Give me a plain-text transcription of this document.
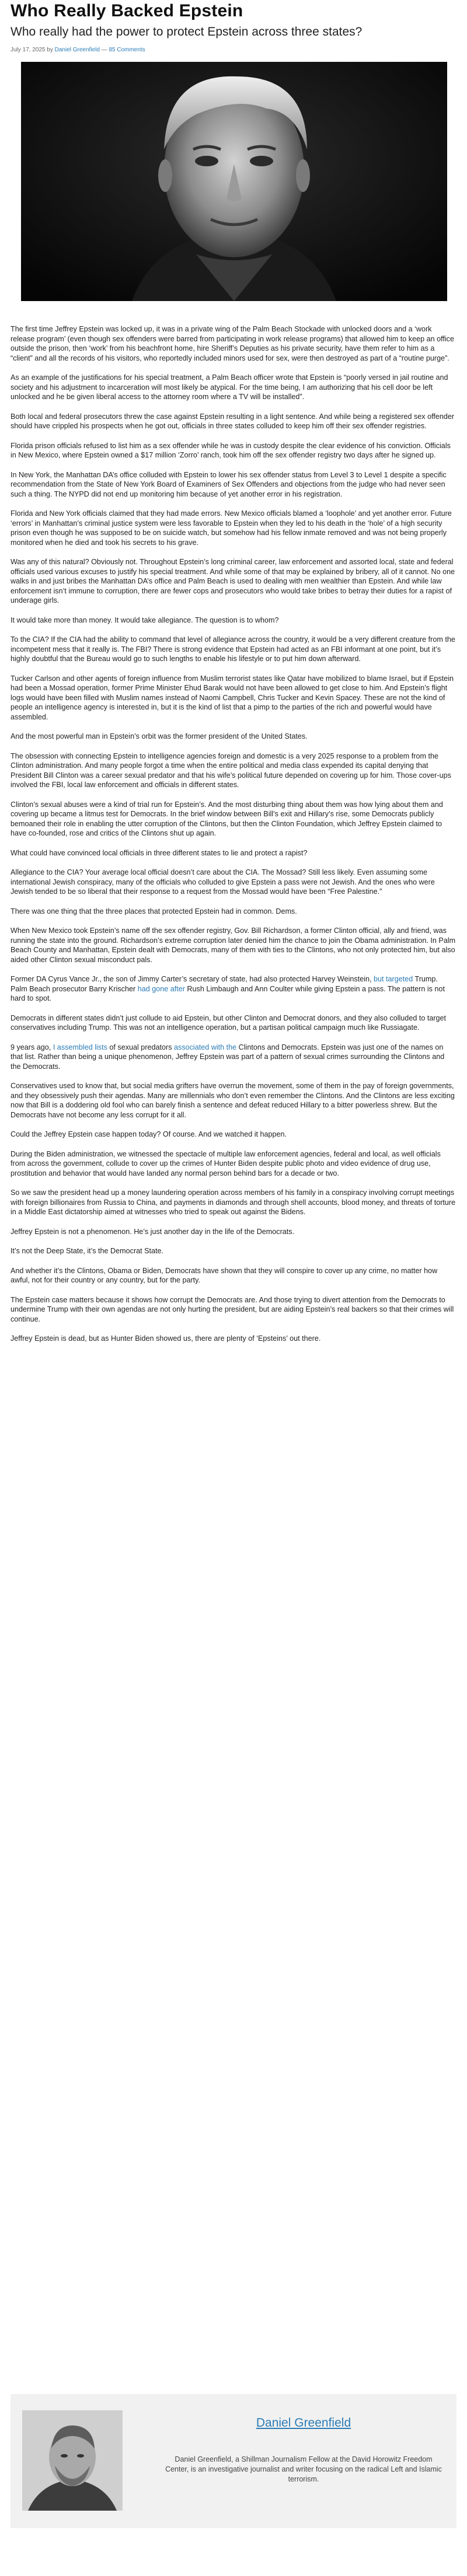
Who Really Backed Epstein
Who really had the power to protect Epstein across three states?
July 17, 2025 by Daniel Greenfield — 85 Comments

The first time Jeffrey Epstein was locked up, it was in a private wing of the Palm Beach Stockade with unlocked doors and a ‘work release program’ (even though sex offenders were barred from participating in work release programs) that allowed him to keep an office outside the prison, then ‘work’ from his beachfront home, hire Sheriff’s Deputies as his private security, have them refer to him as a “client” and all the records of his visitors, who reportedly included minors used for sex, were then destroyed as part of a “routine purge”.

As an example of the justifications for his special treatment, a Palm Beach officer wrote that Epstein is “poorly versed in jail routine and society and his adjustment to incarceration will most likely be atypical. For the time being, I am authorizing that his cell door be left unlocked and he be given liberal access to the attorney room where a TV will be installed”.

Both local and federal prosecutors threw the case against Epstein resulting in a light sentence. And while being a registered sex offender should have crippled his prospects when he got out, officials in three states colluded to keep him off their sex offender registries.

Florida prison officials refused to list him as a sex offender while he was in custody despite the clear evidence of his conviction. Officials in New Mexico, where Epstein owned a $17 million ‘Zorro’ ranch, took him off the sex offender registry two days after he signed up.

In New York, the Manhattan DA’s office colluded with Epstein to lower his sex offender status from Level 3 to Level 1 despite a specific recommendation from the State of New York Board of Examiners of Sex Offenders and objections from the judge who had never seen such a thing. The NYPD did not end up monitoring him because of yet another error in his registration.

Florida and New York officials claimed that they had made errors. New Mexico officials blamed a ‘loophole’ and yet another error. Future ‘errors’ in Manhattan’s criminal justice system were less favorable to Epstein when they led to his death in the ‘hole’ of a high security prison even though he was supposed to be on suicide watch, but somehow had his fellow inmate removed and was not being properly monitored when he died and took his secrets to his grave.

Was any of this natural? Obviously not. Throughout Epstein’s long criminal career, law enforcement and assorted local, state and federal officials used various excuses to justify his special treatment. And while some of that may be explained by bribery, all of it cannot. No one walks in and just bribes the Manhattan DA’s office and Palm Beach is used to dealing with men wealthier than Epstein. And while law enforcement isn’t immune to corruption, there are fewer cops and prosecutors who would take bribes to betray their duties for a rapist of underage girls.

It would take more than money. It would take allegiance. The question is to whom?

To the CIA? If the CIA had the ability to command that level of allegiance across the country, it would be a very different creature from the incompetent mess that it really is. The FBI? There is strong evidence that Epstein had acted as an FBI informant at one point, but it’s highly doubtful that the Bureau would go to such lengths to enable his lifestyle or to put him down afterward.

Tucker Carlson and other agents of foreign influence from Muslim terrorist states like Qatar have mobilized to blame Israel, but if Epstein had been a Mossad operation, former Prime Minister Ehud Barak would not have been allowed to get close to him. And Epstein’s flight logs would have been filled with Muslim names instead of Naomi Campbell, Chris Tucker and Kevin Spacey. These are not the kind of people an intelligence agency is interested in, but it is the kind of list that a pimp to the parties of the rich and powerful would have assembled.

And the most powerful man in Epstein’s orbit was the former president of the United States.

The obsession with connecting Epstein to intelligence agencies foreign and domestic is a very 2025 response to a problem from the Clinton administration. And many people forgot a time when the entire political and media class expended its capital denying that President Bill Clinton was a career sexual predator and that his wife’s political future depended on covering up for him. Those cover-ups involved the FBI, local law enforcement and officials in different states.

Clinton’s sexual abuses were a kind of trial run for Epstein’s. And the most disturbing thing about them was how lying about them and covering up became a litmus test for Democrats. In the brief window between Bill’s exit and Hillary’s rise, some Democrats publicly bemoaned their role in enabling the utter corruption of the Clintons, but then the Clinton Foundation, which Jeffrey Epstein claimed to have co-founded, rose and critics of the Clintons shut up again.

What could have convinced local officials in three different states to lie and protect a rapist?

Allegiance to the CIA? Your average local official doesn’t care about the CIA. The Mossad? Still less likely. Even assuming some international Jewish conspiracy, many of the officials who colluded to give Epstein a pass were not Jewish. And the ones who were Jewish tended to be so liberal that their response to a request from the Mossad would have been “Free Palestine.”

There was one thing that the three places that protected Epstein had in common. Dems.

When New Mexico took Epstein’s name off the sex offender registry, Gov. Bill Richardson, a former Clinton official, ally and friend, was running the state into the ground. Richardson’s extreme corruption later denied him the chance to join the Obama administration. In Palm Beach County and Manhattan, Epstein dealt with Democrats, many of them with ties to the Clintons, who not only protected him, but also aided other Clinton sexual misconduct pals.

Former DA Cyrus Vance Jr., the son of Jimmy Carter’s secretary of state, had also protected Harvey Weinstein, but targeted Trump. Palm Beach prosecutor Barry Krischer had gone after Rush Limbaugh and Ann Coulter while giving Epstein a pass. The pattern is not hard to spot.

Democrats in different states didn’t just collude to aid Epstein, but other Clinton and Democrat donors, and they also colluded to target conservatives including Trump. This was not an intelligence operation, but a partisan political campaign much like Russiagate.

9 years ago, I assembled lists of sexual predators associated with the Clintons and Democrats. Epstein was just one of the names on that list. Rather than being a unique phenomenon, Jeffrey Epstein was part of a pattern of sexual crimes surrounding the Clintons and the Democrats.

Conservatives used to know that, but social media grifters have overrun the movement, some of them in the pay of foreign governments, and they obsessively push their agendas. Many are millennials who don’t even remember the Clintons. And the Clintons are less exciting now that Bill is a doddering old fool who can barely finish a sentence and defeat reduced Hillary to a bitter powerless shrew. But the Democrats have not become any less corrupt for it all.

Could the Jeffrey Epstein case happen today? Of course. And we watched it happen.

During the Biden administration, we witnessed the spectacle of multiple law enforcement agencies, federal and local, as well officials from across the government, collude to cover up the crimes of Hunter Biden despite public photo and video evidence of drug use, prostitution and behavior that would have landed any normal person behind bars for a decade or two.

So we saw the president head up a money laundering operation across members of his family in a conspiracy involving corrupt meetings with foreign billionaires from Russia to China, and payments in diamonds and through shell accounts, blood money, and threats of torture in a Middle East dictatorship aimed at witnesses who tried to speak out against the Bidens.

Jeffrey Epstein is not a phenomenon. He’s just another day in the life of the Democrats.

It’s not the Deep State, it’s the Democrat State.

And whether it’s the Clintons, Obama or Biden, Democrats have shown that they will conspire to cover up any crime, no matter how awful, not for their country or any country, but for the party.

The Epstein case matters because it shows how corrupt the Democrats are. And those trying to divert attention from the Democrats to undermine Trump with their own agendas are not only hurting the president, but are aiding Epstein’s real backers so that their crimes will continue.

Jeffrey Epstein is dead, but as Hunter Biden showed us, there are plenty of ‘Epsteins’ out there.

Daniel Greenfield
Daniel Greenfield, a Shillman Journalism Fellow at the David Horowitz Freedom Center, is an investigative journalist and writer focusing on the radical Left and Islamic terrorism.
